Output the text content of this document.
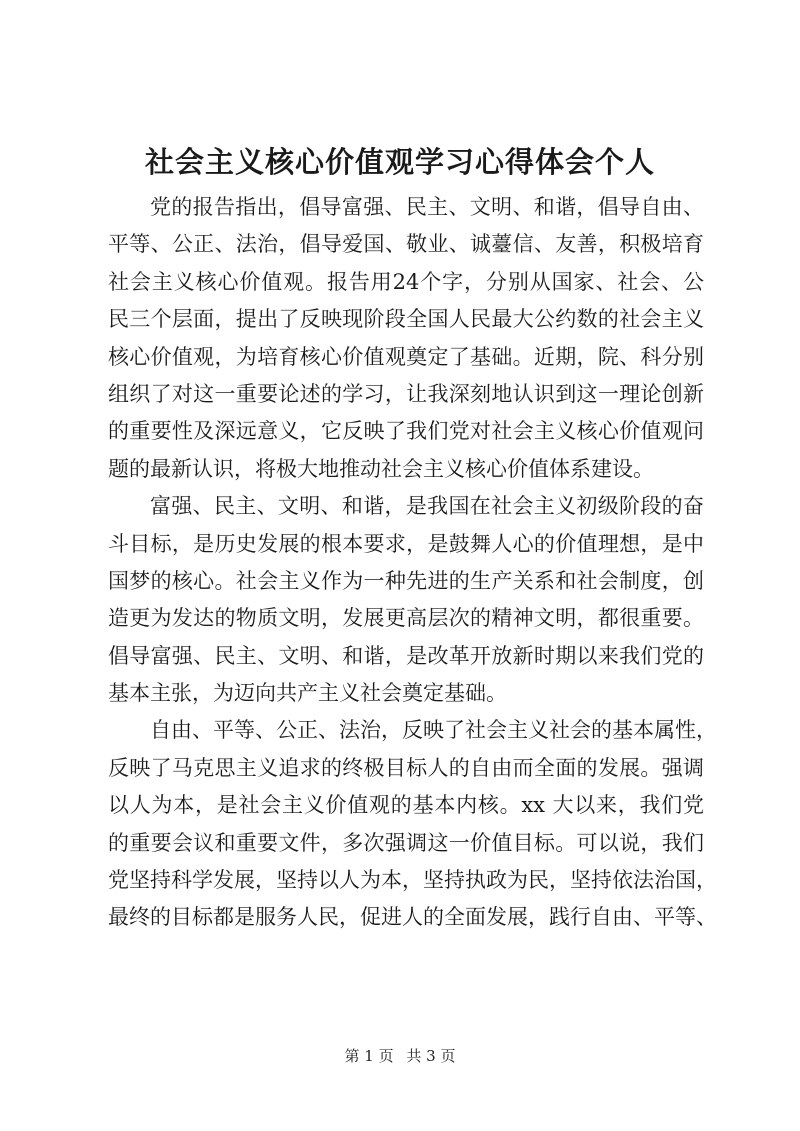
社会主义核心价值观学习心得体会个人
党的报告指出，倡导富强、民主、文明、和谐，倡导自由、
平等、公正、法治，倡导爱国、敬业、诚薹信、友善，积极培育
社会主义核心价值观。报告用24个字，分别从国家、社会、公
民三个层面，提出了反映现阶段全国人民最大公约数的社会主义
核心价值观，为培育核心价值观奠定了基础。近期，院、科分别
组织了对这一重要论述的学习，让我深刻地认识到这一理论创新
的重要性及深远意义，它反映了我们党对社会主义核心价值观问
题的最新认识，将极大地推动社会主义核心价值体系建设。
富强、民主、文明、和谐，是我国在社会主义初级阶段的奋
斗目标，是历史发展的根本要求，是鼓舞人心的价值理想，是中
国梦的核心。社会主义作为一种先进的生产关系和社会制度，创
造更为发达的物质文明，发展更高层次的精神文明，都很重要。
倡导富强、民主、文明、和谐，是改革开放新时期以来我们党的
基本主张，为迈向共产主义社会奠定基础。
自由、平等、公正、法治，反映了社会主义社会的基本属性，
反映了马克思主义追求的终极目标人的自由而全面的发展。强调
以人为本，是社会主义价值观的基本内核。xx 大以来，我们党
的重要会议和重要文件，多次强调这一价值目标。可以说，我们
党坚持科学发展，坚持以人为本，坚持执政为民，坚持依法治国，
最终的目标都是服务人民，促进人的全面发展，践行自由、平等、
第 1 页 共 3 页
